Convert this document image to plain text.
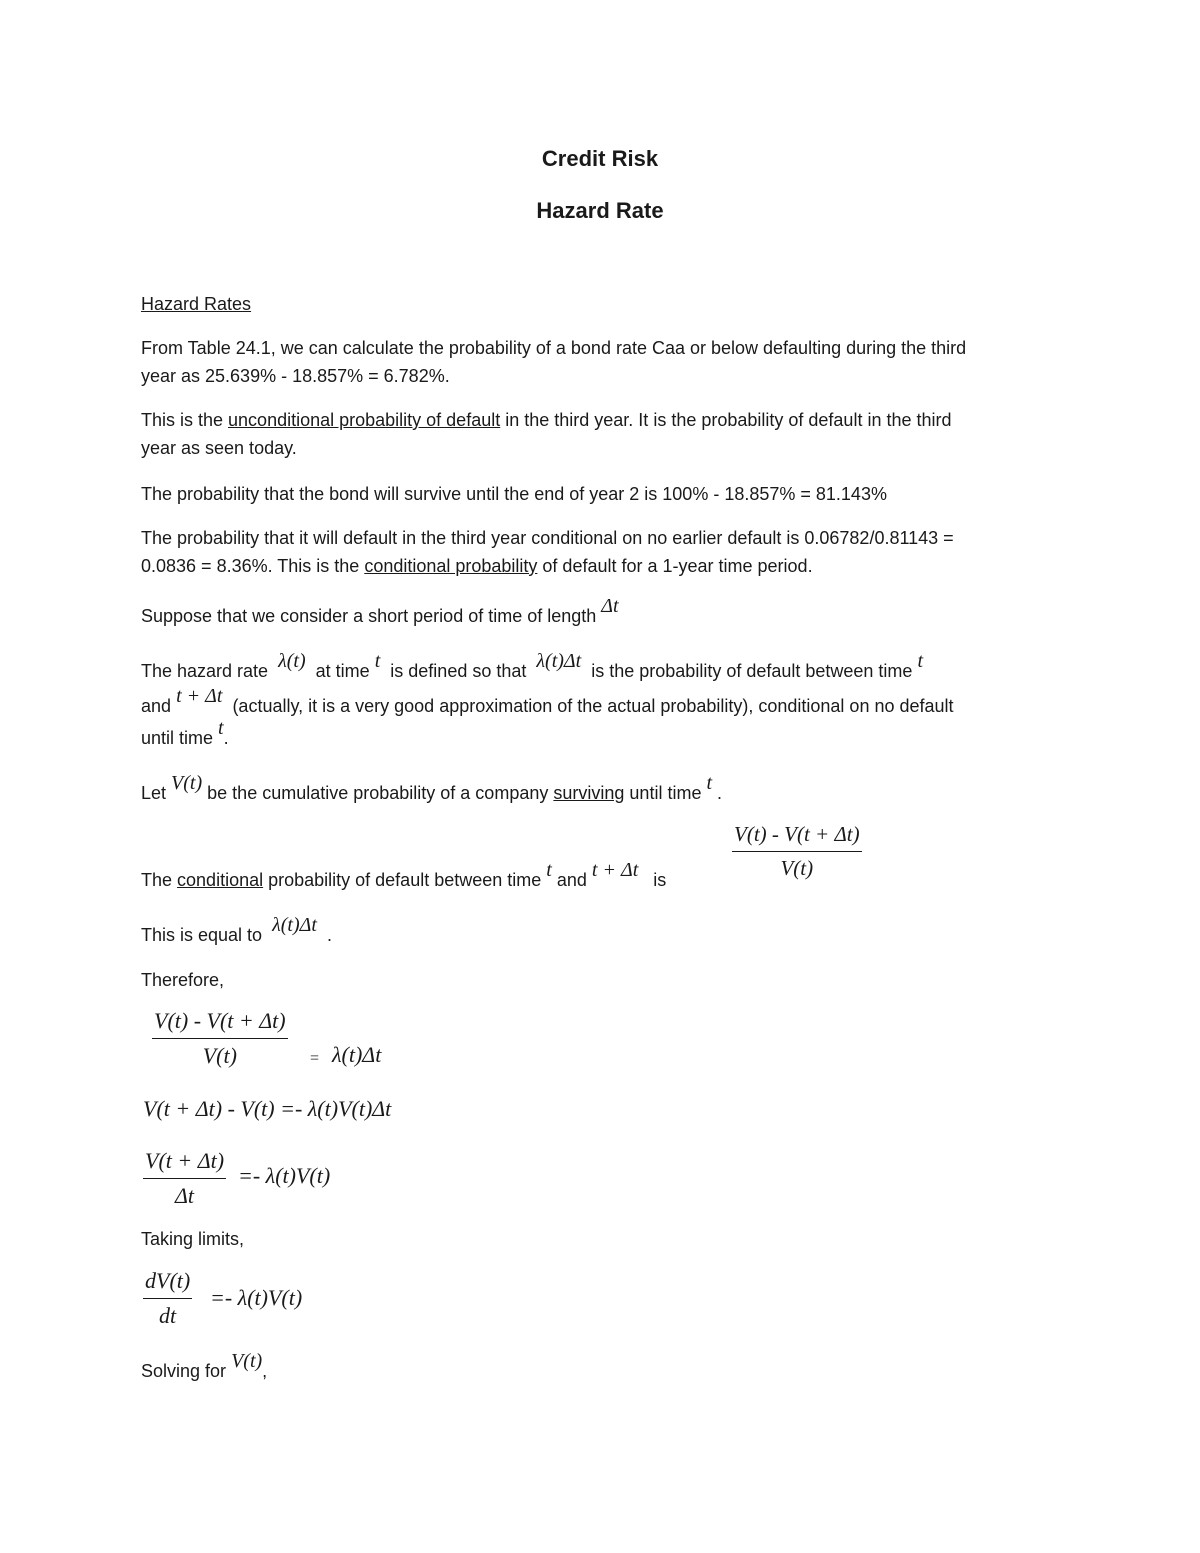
Credit Risk
Hazard Rate
Hazard Rates
From Table 24.1, we can calculate the probability of a bond rate Caa or below defaulting during the third
year as 25.639% - 18.857% = 6.782%.
This is the unconditional probability of default in the third year. It is the probability of default in the third
year as seen today.
The probability that the bond will survive until the end of year 2 is 100% - 18.857% = 81.143%
The probability that it will default in the third year conditional on no earlier default is 0.06782/0.81143 =
0.0836 = 8.36%. This is the conditional probability of default for a 1-year time period.
Suppose that we consider a short period of time of length Δt
The hazard rate λ(t) at time t is defined so that λ(t)Δt is the probability of default between time t
and t + Δt (actually, it is a very good approximation of the actual probability), conditional on no default
until time t.
Let V(t) be the cumulative probability of a company surviving until time t .
$\frac{V(t) - V(t + \Delta t)}{V(t)}$
The conditional probability of default between time t and t + Δt is
This is equal to λ(t)Δt .
Therefore,
$\frac{V(t) - V(t + \Delta t)}{V(t)} = \lambda(t)\Delta t$
V(t + Δt) - V(t) =- λ(t)V(t)Δt
$\frac{V(t + \Delta t)}{\Delta t} =- \lambda(t)V(t)$
Taking limits,
$\frac{dV(t)}{dt} =- \lambda(t)V(t)$
Solving for V(t),
